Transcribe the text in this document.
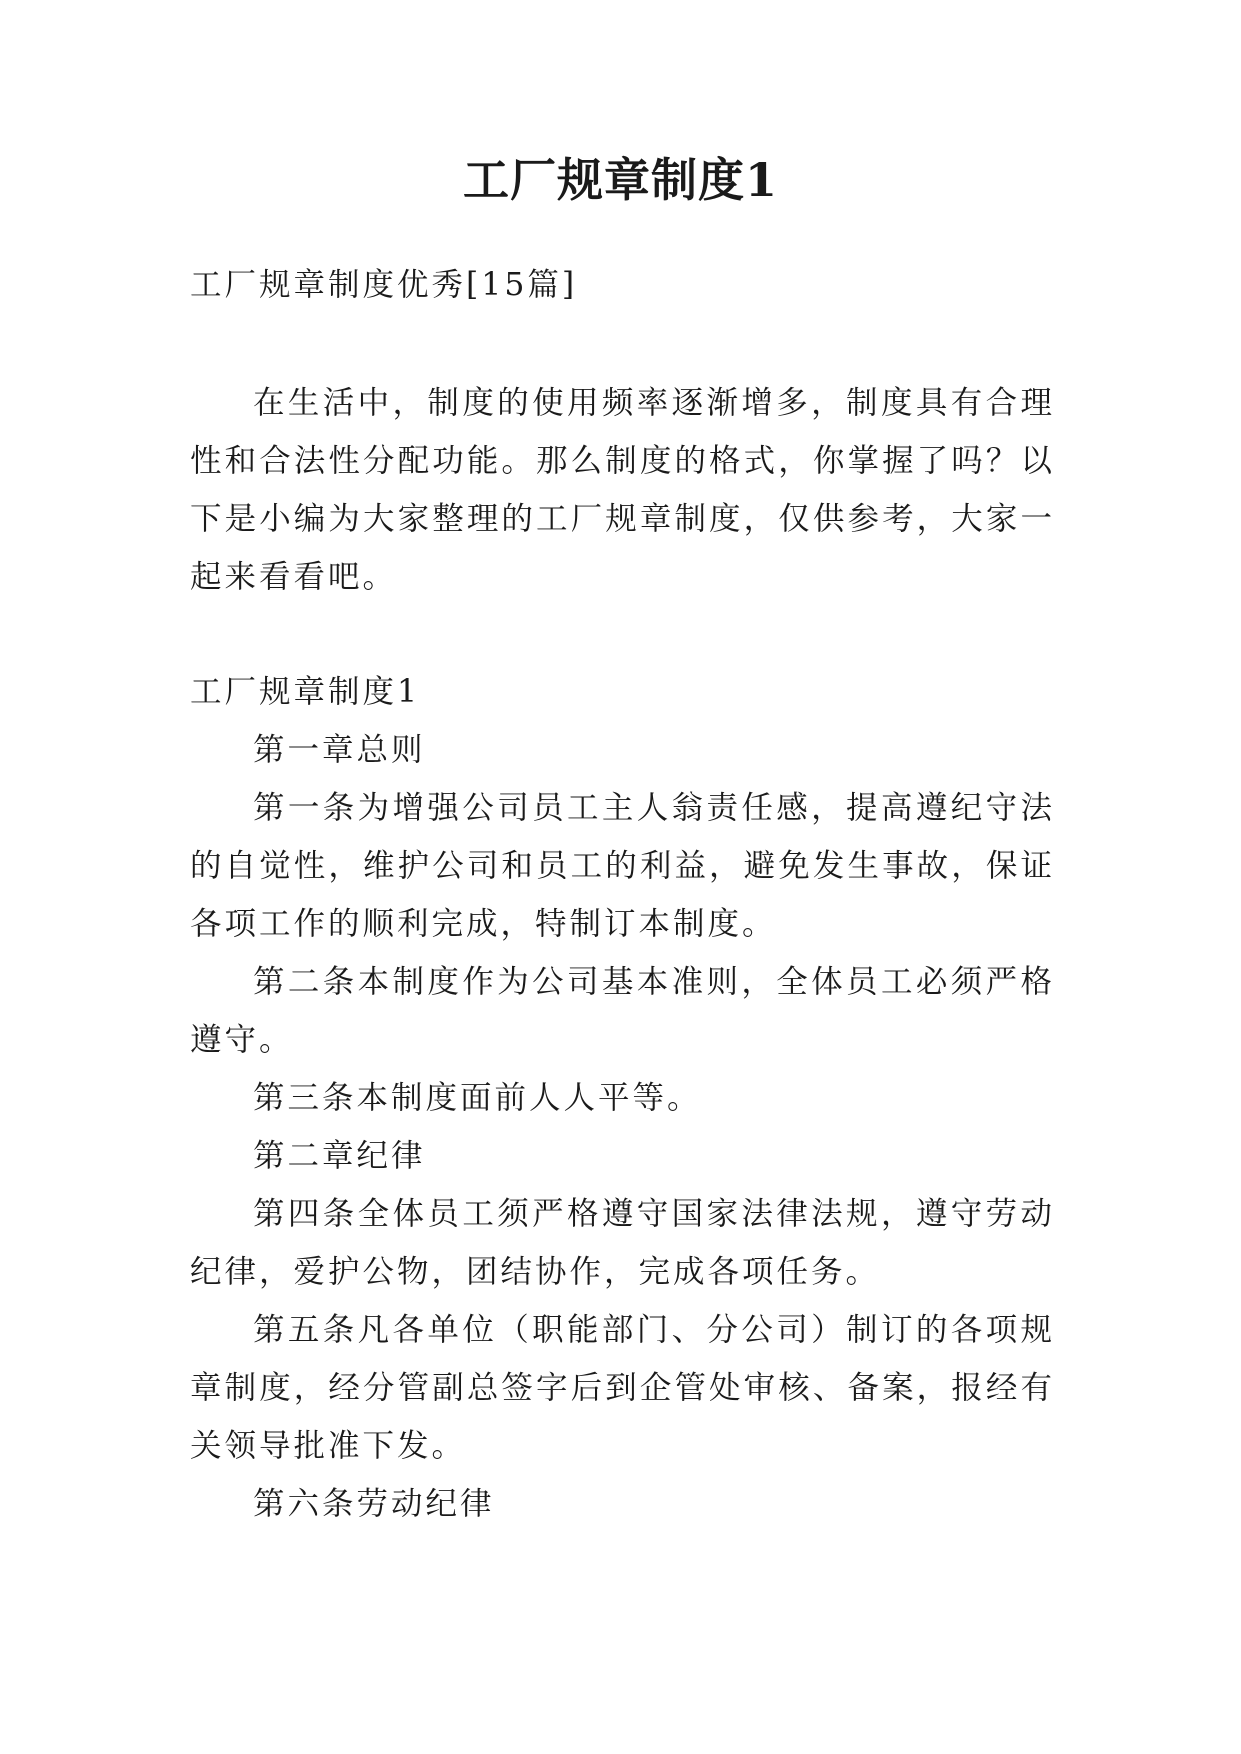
工厂规章制度1

工厂规章制度优秀[15篇]

在生活中，制度的使用频率逐渐增多，制度具有合理性和合法性分配功能。那么制度的格式，你掌握了吗？以下是小编为大家整理的工厂规章制度，仅供参考，大家一起来看看吧。

工厂规章制度1

第一章总则

第一条为增强公司员工主人翁责任感，提高遵纪守法的自觉性，维护公司和员工的利益，避免发生事故，保证各项工作的顺利完成，特制订本制度。

第二条本制度作为公司基本准则，全体员工必须严格遵守。

第三条本制度面前人人平等。

第二章纪律

第四条全体员工须严格遵守国家法律法规，遵守劳动纪律，爱护公物，团结协作，完成各项任务。

第五条凡各单位（职能部门、分公司）制订的各项规章制度，经分管副总签字后到企管处审核、备案，报经有关领导批准下发。

第六条劳动纪律
